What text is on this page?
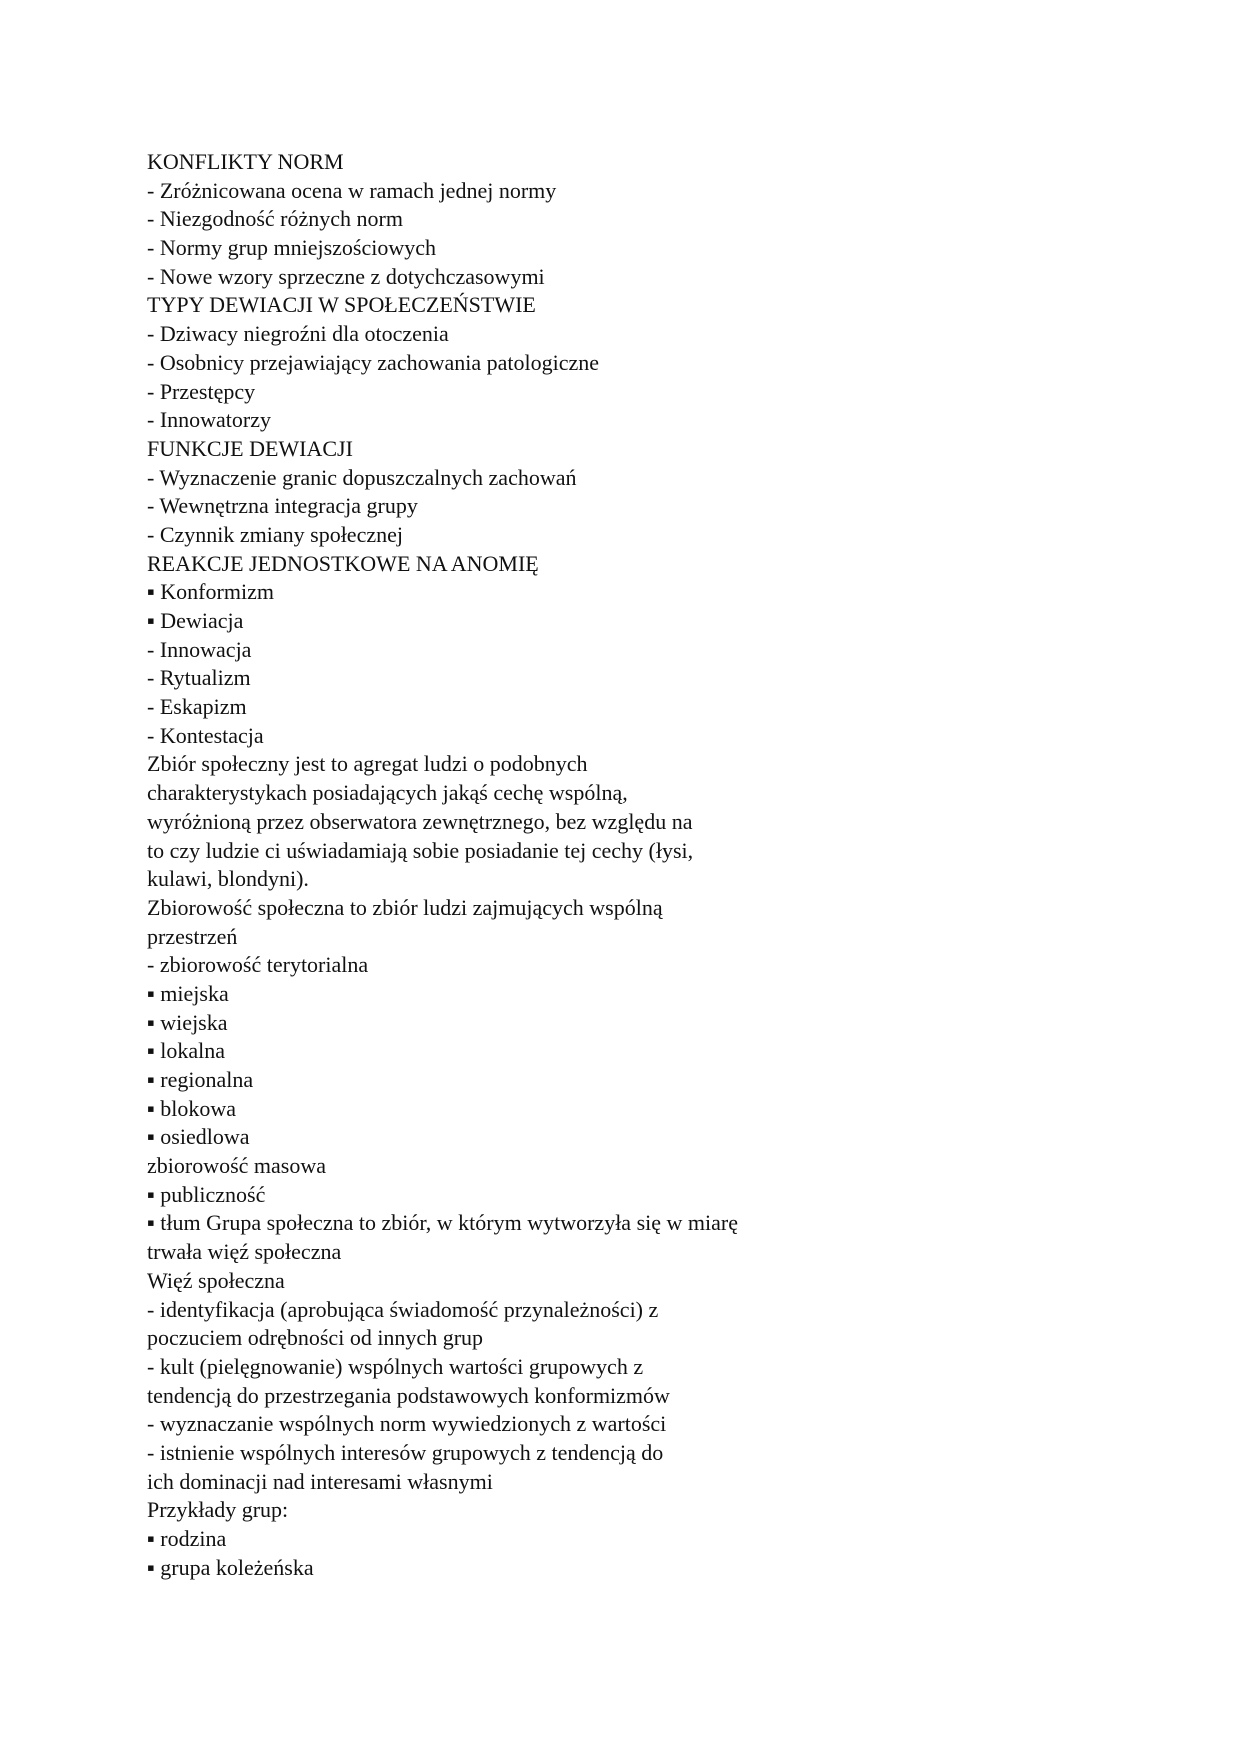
KONFLIKTY NORM
- Zróżnicowana ocena w ramach jednej normy
- Niezgodność różnych norm
- Normy grup mniejszościowych
- Nowe wzory sprzeczne z dotychczasowymi
TYPY DEWIACJI W SPOŁECZEŃSTWIE
- Dziwacy niegroźni dla otoczenia
- Osobnicy przejawiający zachowania patologiczne
- Przestępcy
- Innowatorzy
FUNKCJE DEWIACJI
- Wyznaczenie granic dopuszczalnych zachowań
- Wewnętrzna integracja grupy
- Czynnik zmiany społecznej
REAKCJE JEDNOSTKOWE NA ANOMIĘ
▪ Konformizm
▪ Dewiacja
- Innowacja
- Rytualizm
- Eskapizm
- Kontestacja
Zbiór społeczny jest to agregat ludzi o podobnych
charakterystykach posiadających jakąś cechę wspólną,
wyróżnioną przez obserwatora zewnętrznego, bez względu na
to czy ludzie ci uświadamiają sobie posiadanie tej cechy (łysi,
kulawi, blondyni).
Zbiorowość społeczna to zbiór ludzi zajmujących wspólną
przestrzeń
- zbiorowość terytorialna
▪ miejska
▪ wiejska
▪ lokalna
▪ regionalna
▪ blokowa
▪ osiedlowa
zbiorowość masowa
▪ publiczność
▪ tłum Grupa społeczna to zbiór, w którym wytworzyła się w miarę
trwała więź społeczna
Więź społeczna
- identyfikacja (aprobująca świadomość przynależności) z
poczuciem odrębności od innych grup
- kult (pielęgnowanie) wspólnych wartości grupowych z
tendencją do przestrzegania podstawowych konformizmów
- wyznaczanie wspólnych norm wywiedzionych z wartości
- istnienie wspólnych interesów grupowych z tendencją do
ich dominacji nad interesami własnymi
Przykłady grup:
▪ rodzina
▪ grupa koleżeńska
